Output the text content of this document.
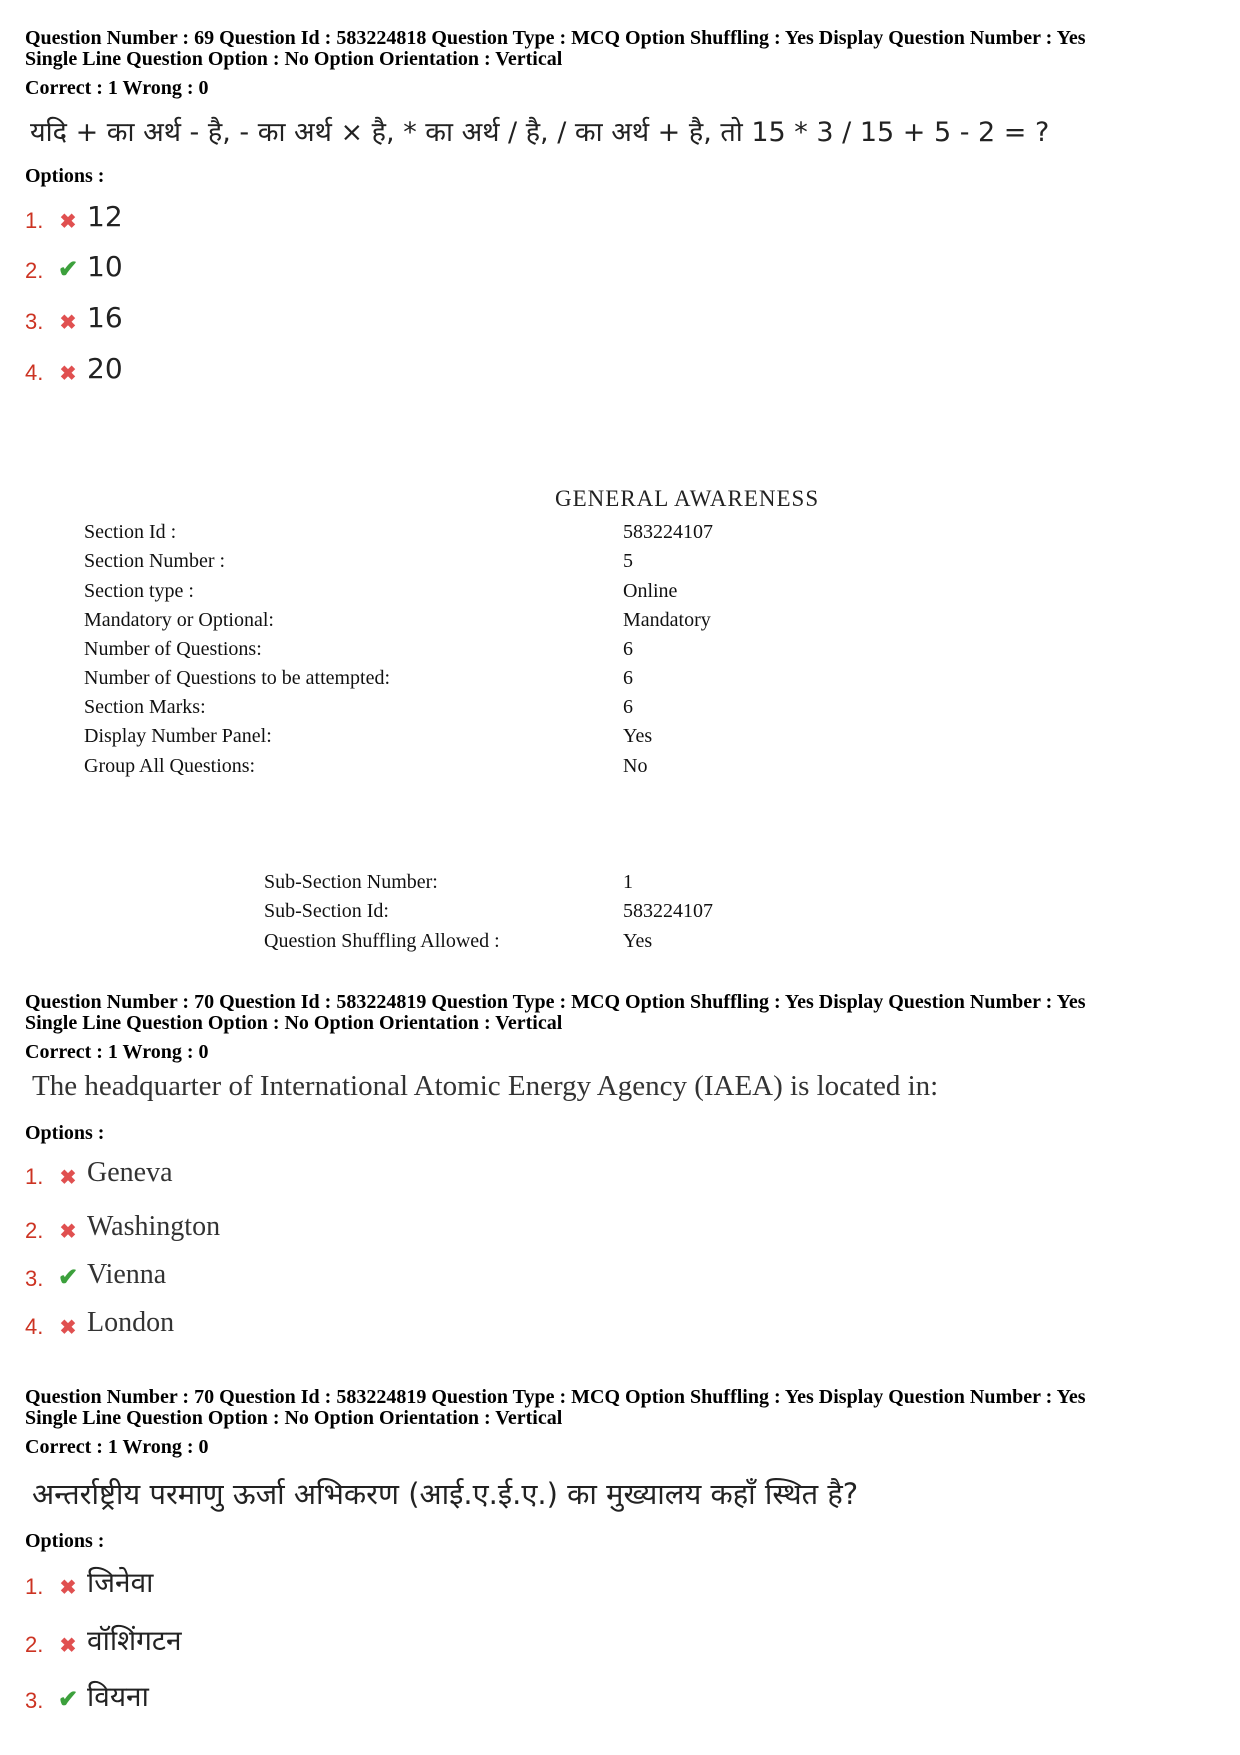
Question Number : 69 Question Id : 583224818 Question Type : MCQ Option Shuffling : Yes Display Question Number : Yes
Single Line Question Option : No Option Orientation : Vertical
Correct : 1 Wrong : 0
यदि + का अर्थ - है, - का अर्थ × है, * का अर्थ / है, / का अर्थ + है, तो 15 * 3 / 15 + 5 - 2 = ?
Options :
1. ✖ 12
2. ✔ 10
3. ✖ 16
4. ✖ 20
GENERAL AWARENESS
Section Id :	583224107
Section Number :	5
Section type :	Online
Mandatory or Optional:	Mandatory
Number of Questions:	6
Number of Questions to be attempted:	6
Section Marks:	6
Display Number Panel:	Yes
Group All Questions:	No
Sub-Section Number:	1
Sub-Section Id:	583224107
Question Shuffling Allowed :	Yes
Question Number : 70 Question Id : 583224819 Question Type : MCQ Option Shuffling : Yes Display Question Number : Yes
Single Line Question Option : No Option Orientation : Vertical
Correct : 1 Wrong : 0
The headquarter of International Atomic Energy Agency (IAEA) is located in:
Options :
1. ✖ Geneva
2. ✖ Washington
3. ✔ Vienna
4. ✖ London
Question Number : 70 Question Id : 583224819 Question Type : MCQ Option Shuffling : Yes Display Question Number : Yes
Single Line Question Option : No Option Orientation : Vertical
Correct : 1 Wrong : 0
अन्तर्राष्ट्रीय परमाणु ऊर्जा अभिकरण (आई.ए.ई.ए.) का मुख्यालय कहाँ स्थित है?
Options :
1. ✖ जिनेवा
2. ✖ वॉशिंगटन
3. ✔ वियना
